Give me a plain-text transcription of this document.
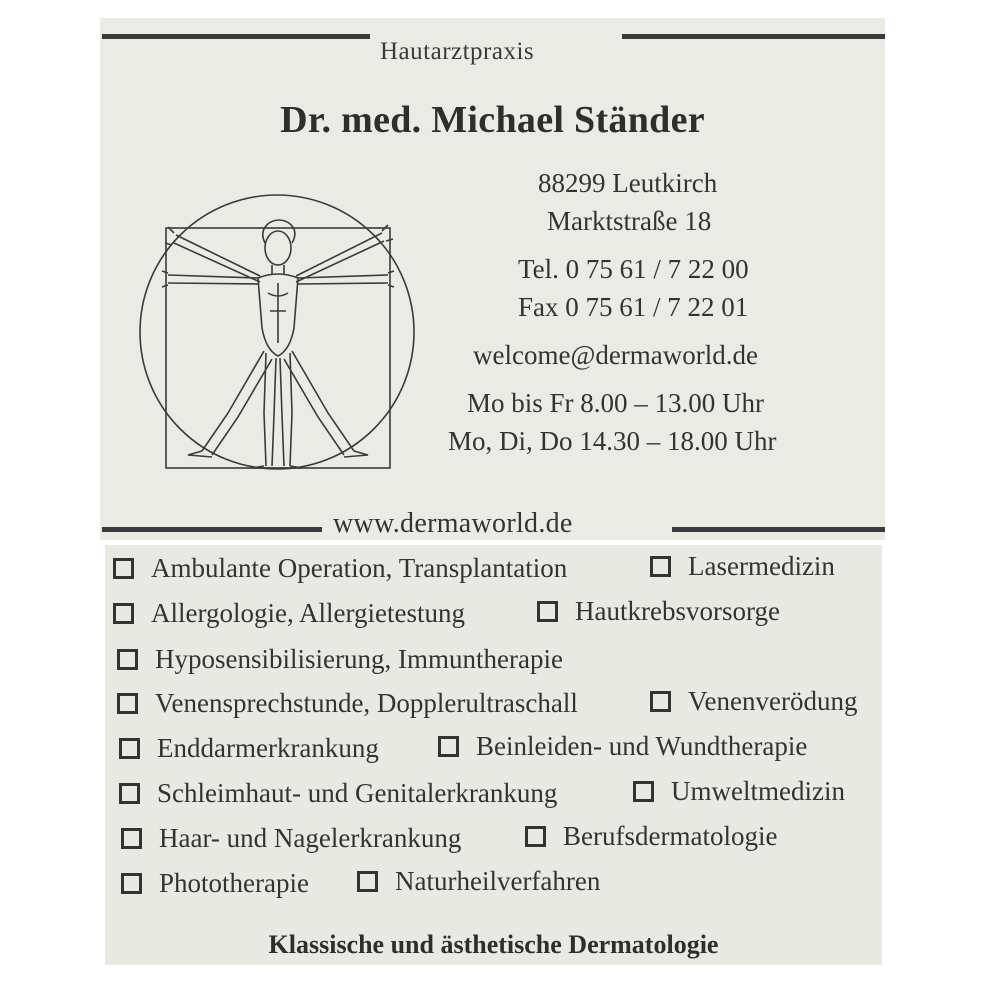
Hautarztpraxis
Dr. med. Michael Ständer
88299 Leutkirch
Marktstraße 18
Tel. 0 75 61 / 7 22 00
Fax 0 75 61 / 7 22 01
welcome@dermaworld.de
Mo bis Fr 8.00 – 13.00 Uhr
Mo, Di, Do 14.30 – 18.00 Uhr
www.dermaworld.de
Ambulante Operation, Transplantation	Lasermedizin
Allergologie, Allergietestung	Hautkrebsvorsorge
Hyposensibilisierung, Immuntherapie
Venensprechstunde, Dopplerultraschall	Venenverödung
Enddarmerkrankung	Beinleiden- und Wundtherapie
Schleimhaut- und Genitalerkrankung	Umweltmedizin
Haar- und Nagelerkrankung	Berufsdermatologie
Phototherapie	Naturheilverfahren
Klassische und ästhetische Dermatologie
